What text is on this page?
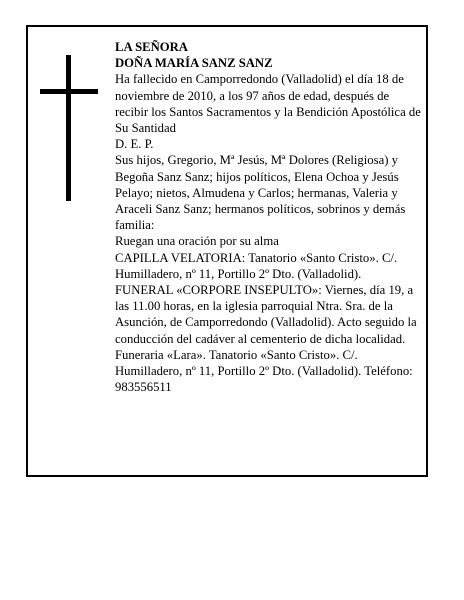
LA SEÑORA

DOÑA MARÍA SANZ SANZ

Ha fallecido en Camporredondo (Valladolid) el día 18 de noviembre de 2010, a los 97 años de edad, después de recibir los Santos Sacramentos y la Bendición Apostólica de Su Santidad

D. E. P.

Sus hijos, Gregorio, Mª Jesús, Mª Dolores (Religiosa) y Begoña Sanz Sanz; hijos políticos, Elena Ochoa y Jesús Pelayo; nietos, Almudena y Carlos; hermanas, Valeria y Araceli Sanz Sanz; hermanos políticos, sobrinos y demás familia:

Ruegan una oración por su alma

CAPILLA VELATORIA: Tanatorio «Santo Cristo». C/. Humilladero, nº 11, Portillo 2º Dto. (Valladolid).

FUNERAL «CORPORE INSEPULTO»: Viernes, día 19, a las 11.00 horas, en la iglesia parroquial Ntra. Sra. de la Asunción, de Camporredondo (Valladolid). Acto seguido la conducción del cadáver al cementerio de dicha localidad.

Funeraria «Lara». Tanatorio «Santo Cristo». C/. Humilladero, nº 11, Portillo 2º Dto. (Valladolid). Teléfono: 983556511
